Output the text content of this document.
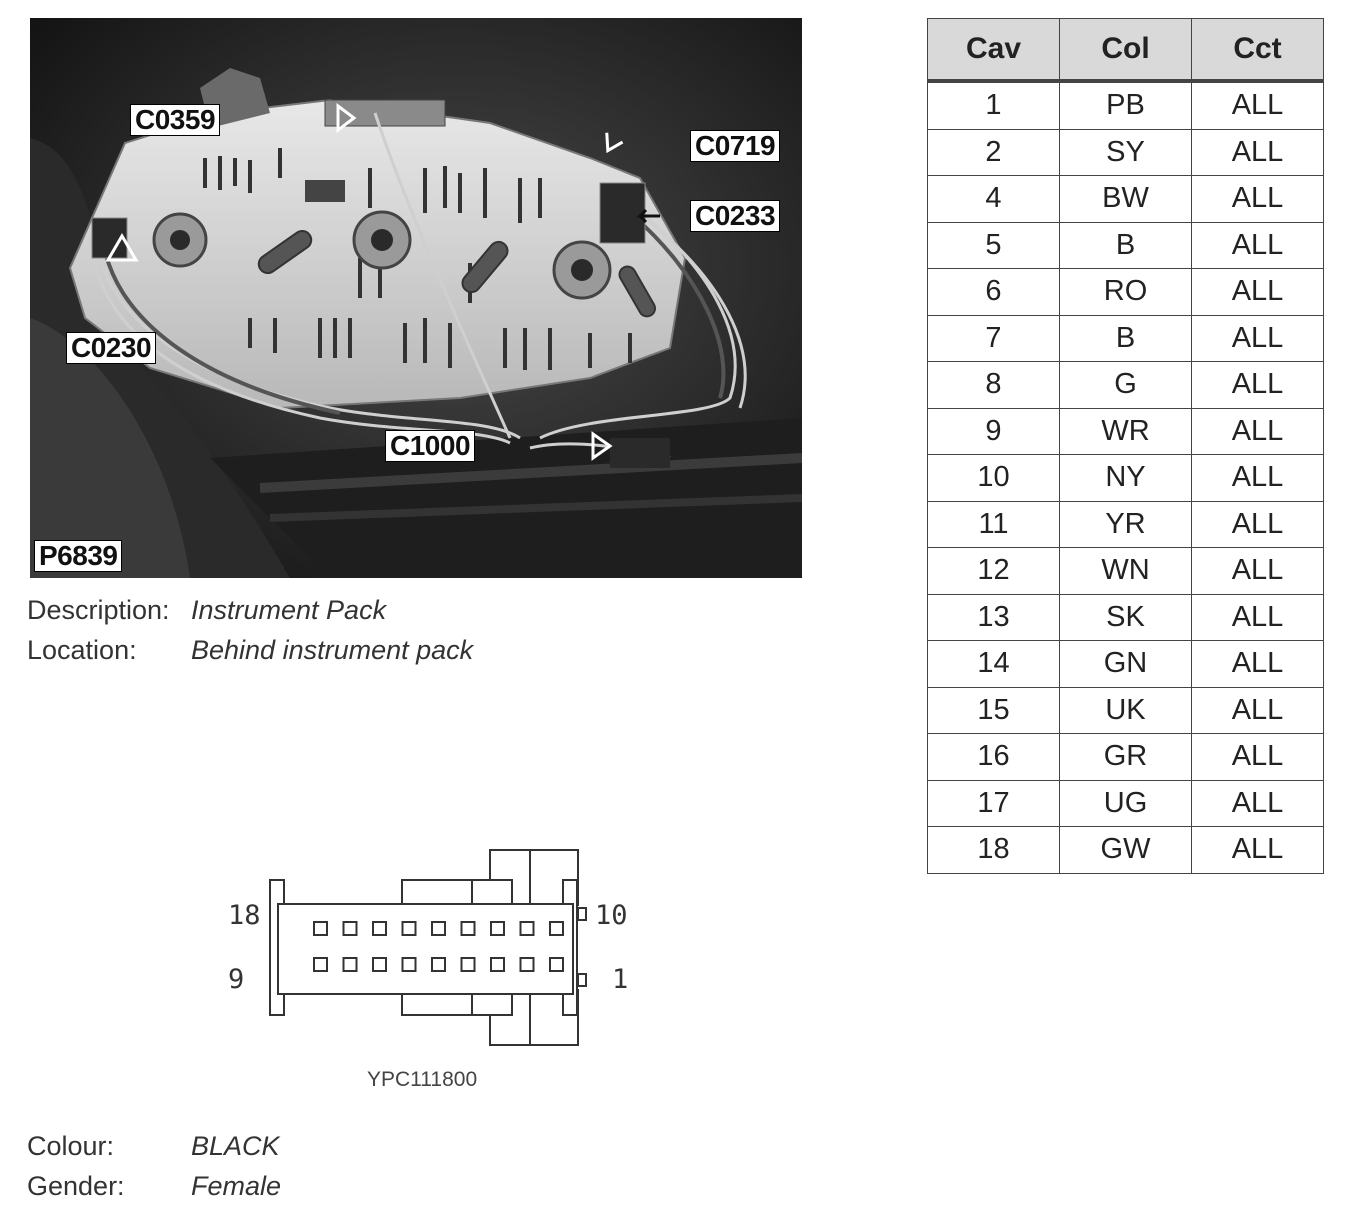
C0359
C0719
C0233
C0230
C1000
P6839
Description: Instrument Pack
Location: Behind instrument pack
Cav	Col	Cct
1	PB	ALL
2	SY	ALL
4	BW	ALL
5	B	ALL
6	RO	ALL
7	B	ALL
8	G	ALL
9	WR	ALL
10	NY	ALL
11	YR	ALL
12	WN	ALL
13	SK	ALL
14	GN	ALL
15	UK	ALL
16	GR	ALL
17	UG	ALL
18	GW	ALL
18	10
9	1
YPC111800
Colour:	BLACK
Gender: Female
